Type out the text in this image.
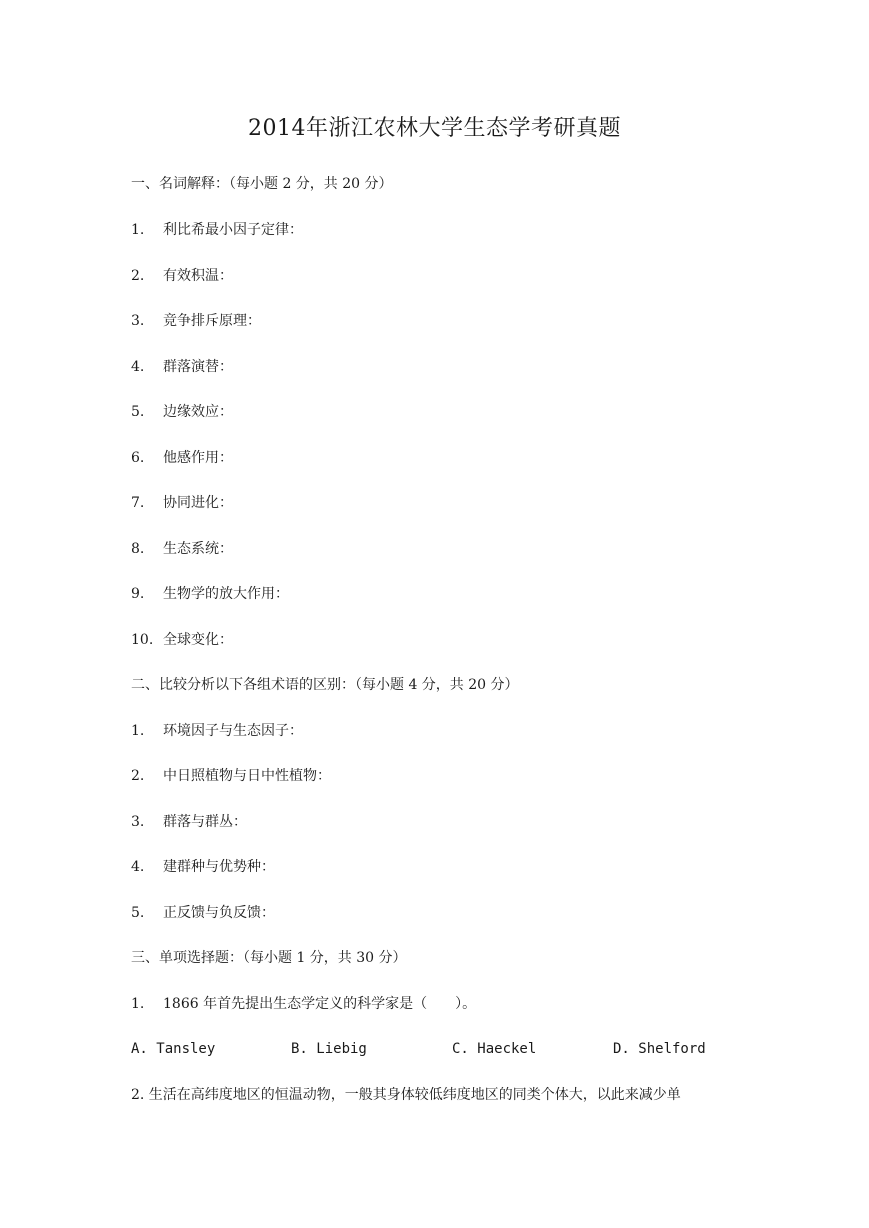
2014年浙江农林大学生态学考研真题
一、名词解释：（每小题 2 分，共 20 分）
1. 利比希最小因子定律：
2. 有效积温：
3. 竞争排斥原理：
4. 群落演替：
5. 边缘效应：
6. 他感作用：
7. 协同进化：
8. 生态系统：
9. 生物学的放大作用：
10. 全球变化：
二、比较分析以下各组术语的区别：（每小题 4 分，共 20 分）
1. 环境因子与生态因子：
2. 中日照植物与日中性植物：
3. 群落与群丛：
4. 建群种与优势种：
5. 正反馈与负反馈：
三、单项选择题：（每小题 1 分，共 30 分）
1. 1866 年首先提出生态学定义的科学家是（　　）。
A. Tansley	B. Liebig	C. Haeckel	D. Shelford
2. 生活在高纬度地区的恒温动物，一般其身体较低纬度地区的同类个体大，以此来减少单
